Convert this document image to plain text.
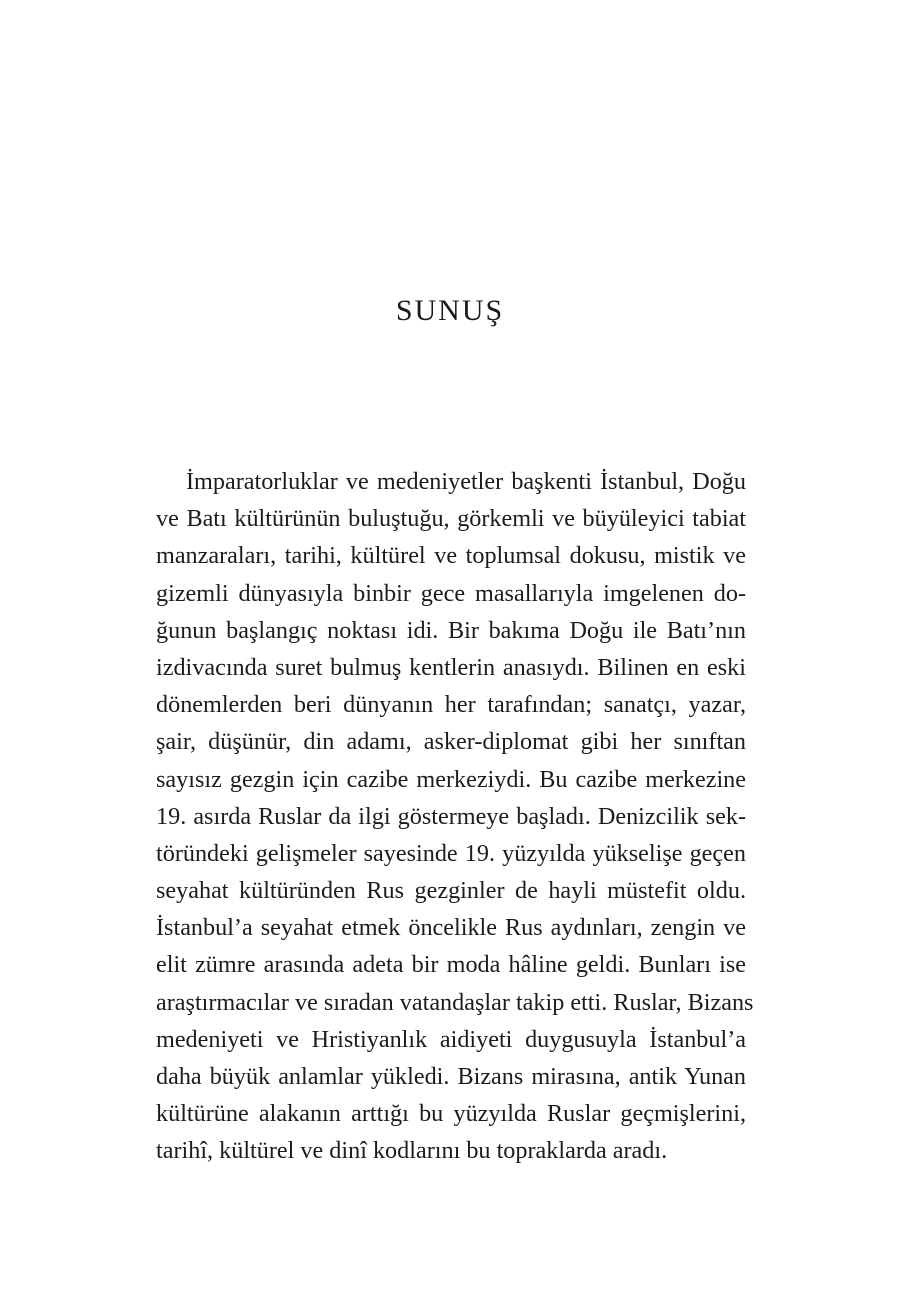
SUNUŞ
İmparatorluklar ve medeniyetler başkenti İstanbul, Doğu
ve Batı kültürünün buluştuğu, görkemli ve büyüleyici tabiat
manzaraları, tarihi, kültürel ve toplumsal dokusu, mistik ve
gizemli dünyasıyla binbir gece masallarıyla imgelenen do-
ğunun başlangıç noktası idi. Bir bakıma Doğu ile Batı’nın
izdivacında suret bulmuş kentlerin anasıydı. Bilinen en eski
dönemlerden beri dünyanın her tarafından; sanatçı, yazar,
şair, düşünür, din adamı, asker-diplomat gibi her sınıftan
sayısız gezgin için cazibe merkeziydi. Bu cazibe merkezine
19. asırda Ruslar da ilgi göstermeye başladı. Denizcilik sek-
töründeki gelişmeler sayesinde 19. yüzyılda yükselişe geçen
seyahat kültüründen Rus gezginler de hayli müstefit oldu.
İstanbul’a seyahat etmek öncelikle Rus aydınları, zengin ve
elit zümre arasında adeta bir moda hâline geldi. Bunları ise
araştırmacılar ve sıradan vatandaşlar takip etti. Ruslar, Bizans
medeniyeti ve Hristiyanlık aidiyeti duygusuyla İstanbul’a
daha büyük anlamlar yükledi. Bizans mirasına, antik Yunan
kültürüne alakanın arttığı bu yüzyılda Ruslar geçmişlerini,
tarihî, kültürel ve dinî kodlarını bu topraklarda aradı.
